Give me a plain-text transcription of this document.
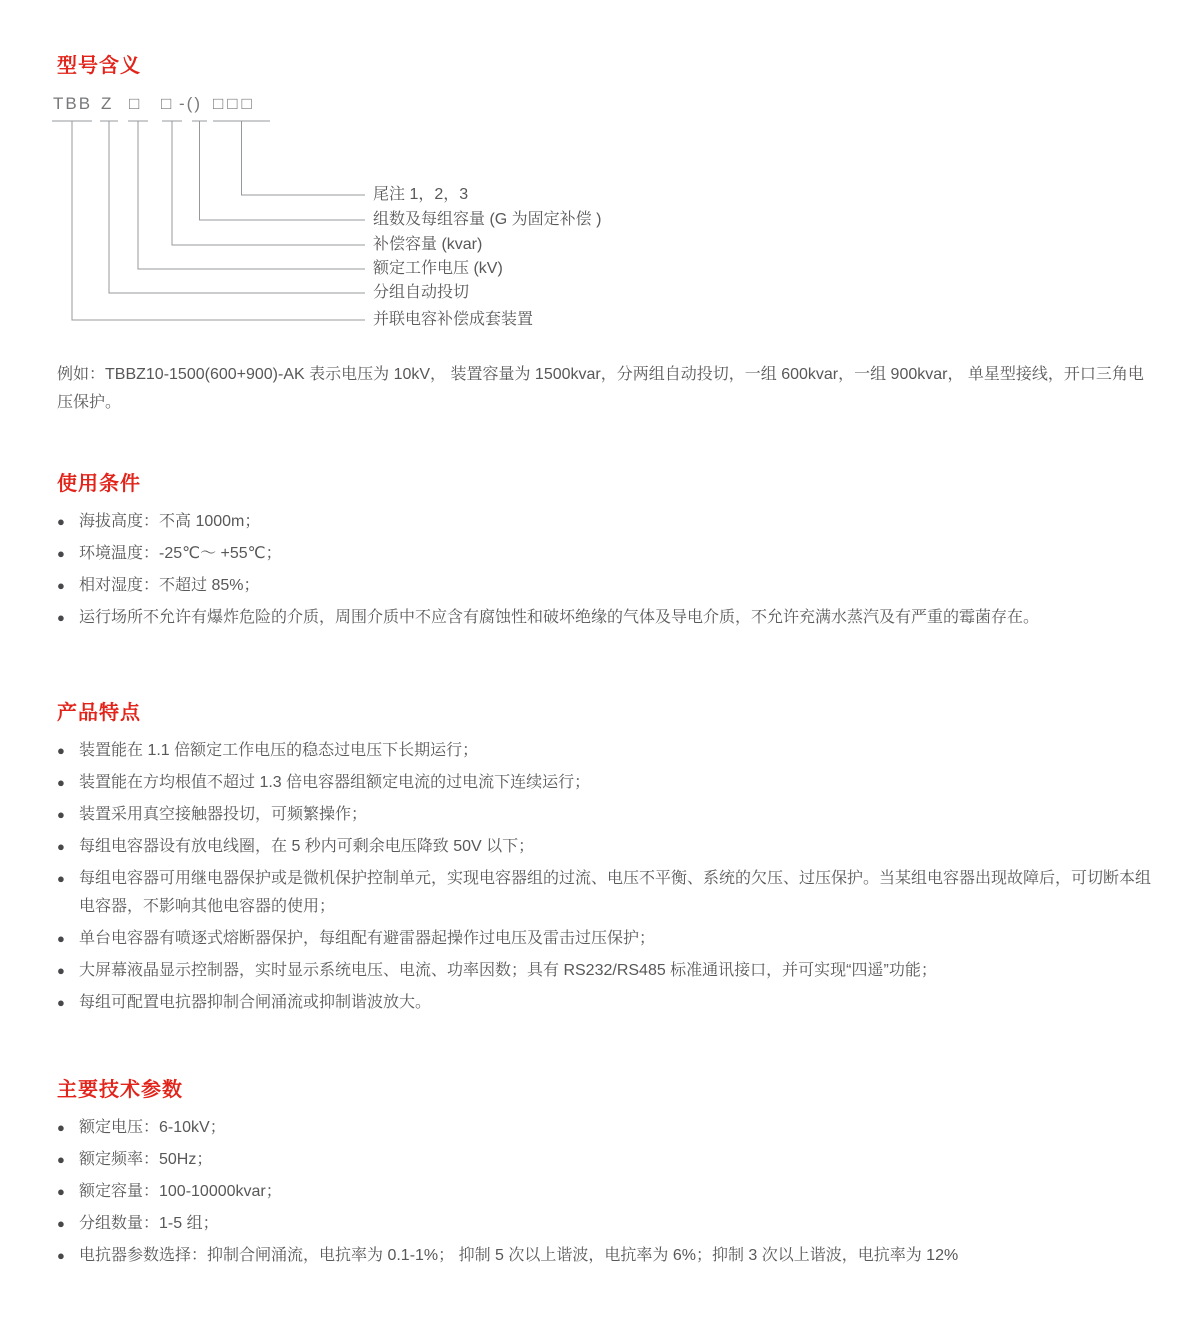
型号含义
TBB Z □ □ -() □□□
尾注 1，2，3
组数及每组容量 (G 为固定补偿 )
补偿容量 (kvar)
额定工作电压 (kV)
分组自动投切
并联电容补偿成套装置

例如：TBBZ10-1500(600+900)-AK 表示电压为 10kV， 装置容量为 1500kvar，分两组自动投切，一组 600kvar，一组 900kvar， 单星型接线，开口三角电压保护。

使用条件
● 海拔高度：不高 1000m；
● 环境温度：-25℃～ +55℃；
● 相对湿度：不超过 85%；
● 运行场所不允许有爆炸危险的介质，周围介质中不应含有腐蚀性和破坏绝缘的气体及导电介质，不允许充满水蒸汽及有严重的霉菌存在。
产品特点
● 装置能在 1.1 倍额定工作电压的稳态过电压下长期运行；
● 装置能在方均根值不超过 1.3 倍电容器组额定电流的过电流下连续运行；
● 装置采用真空接触器投切，可频繁操作；
● 每组电容器设有放电线圈，在 5 秒内可剩余电压降致 50V 以下；
● 每组电容器可用继电器保护或是微机保护控制单元，实现电容器组的过流、电压不平衡、系统的欠压、过压保护。当某组电容器出现故障后，可切断本组电容器，不影响其他电容器的使用；
● 单台电容器有喷逐式熔断器保护，每组配有避雷器起操作过电压及雷击过压保护；
● 大屏幕液晶显示控制器，实时显示系统电压、电流、功率因数；具有 RS232/RS485 标准通讯接口，并可实现“四遥”功能；
● 每组可配置电抗器抑制合闸涌流或抑制谐波放大。
主要技术参数
● 额定电压：6-10kV；
● 额定频率：50Hz；
● 额定容量：100-10000kvar；
● 分组数量：1-5 组；
● 电抗器参数选择：抑制合闸涌流，电抗率为 0.1-1%； 抑制 5 次以上谐波，电抗率为 6%；抑制 3 次以上谐波，电抗率为 12%
